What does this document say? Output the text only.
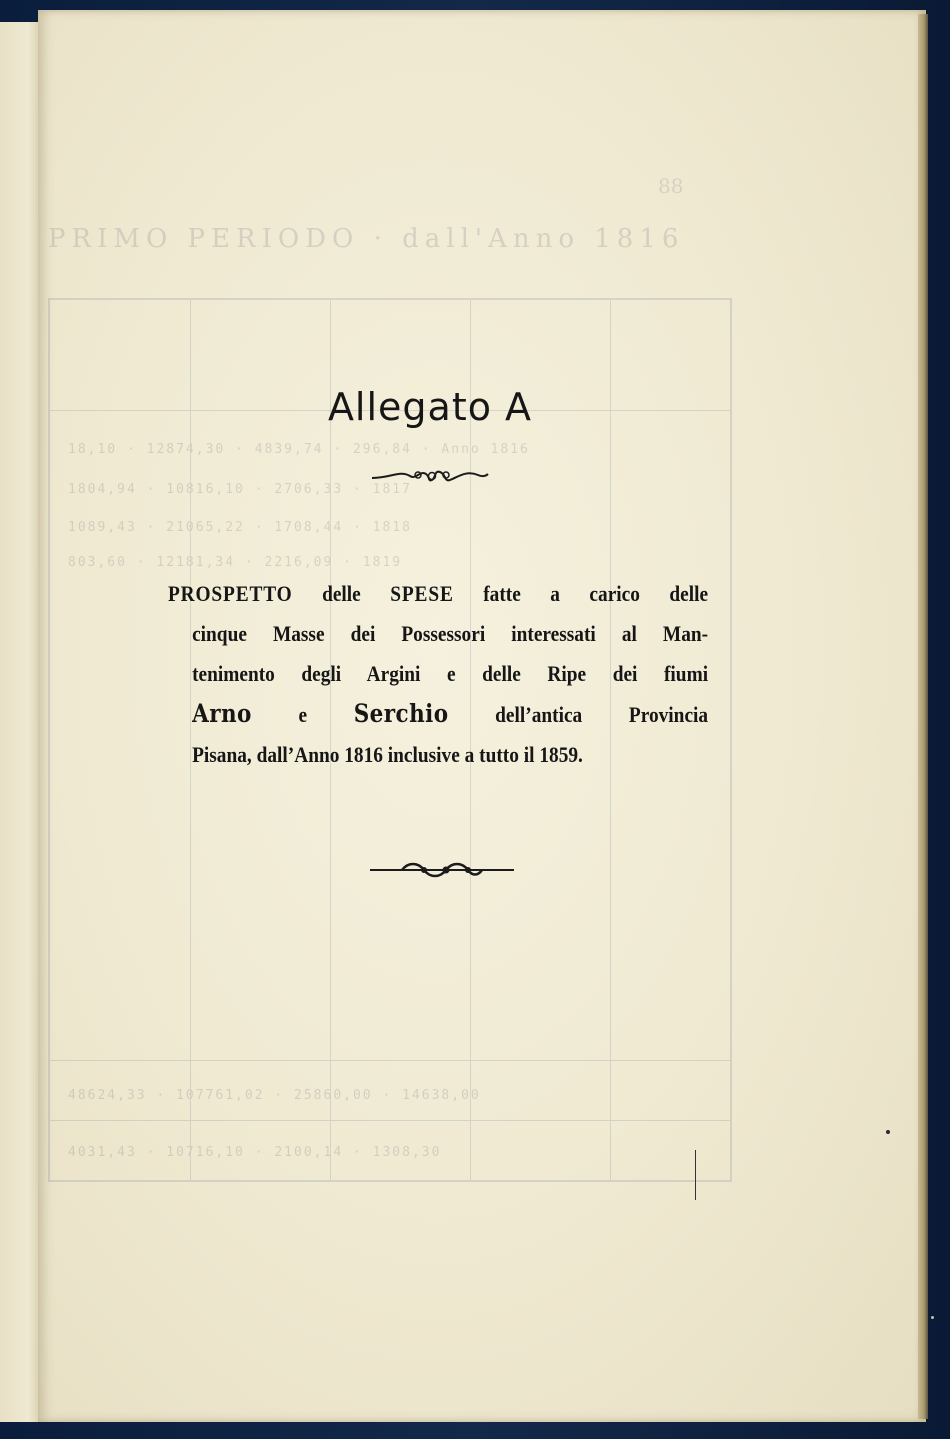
Allegato A
PROSPETTO delle SPESE fatte a carico delle
cinque Masse dei Possessori interessati al Man-
tenimento degli Argini e delle Ripe dei fiumi
Arno e Serchio dell’antica Provincia
Pisana, dall’Anno 1816 inclusive a tutto il 1859.
